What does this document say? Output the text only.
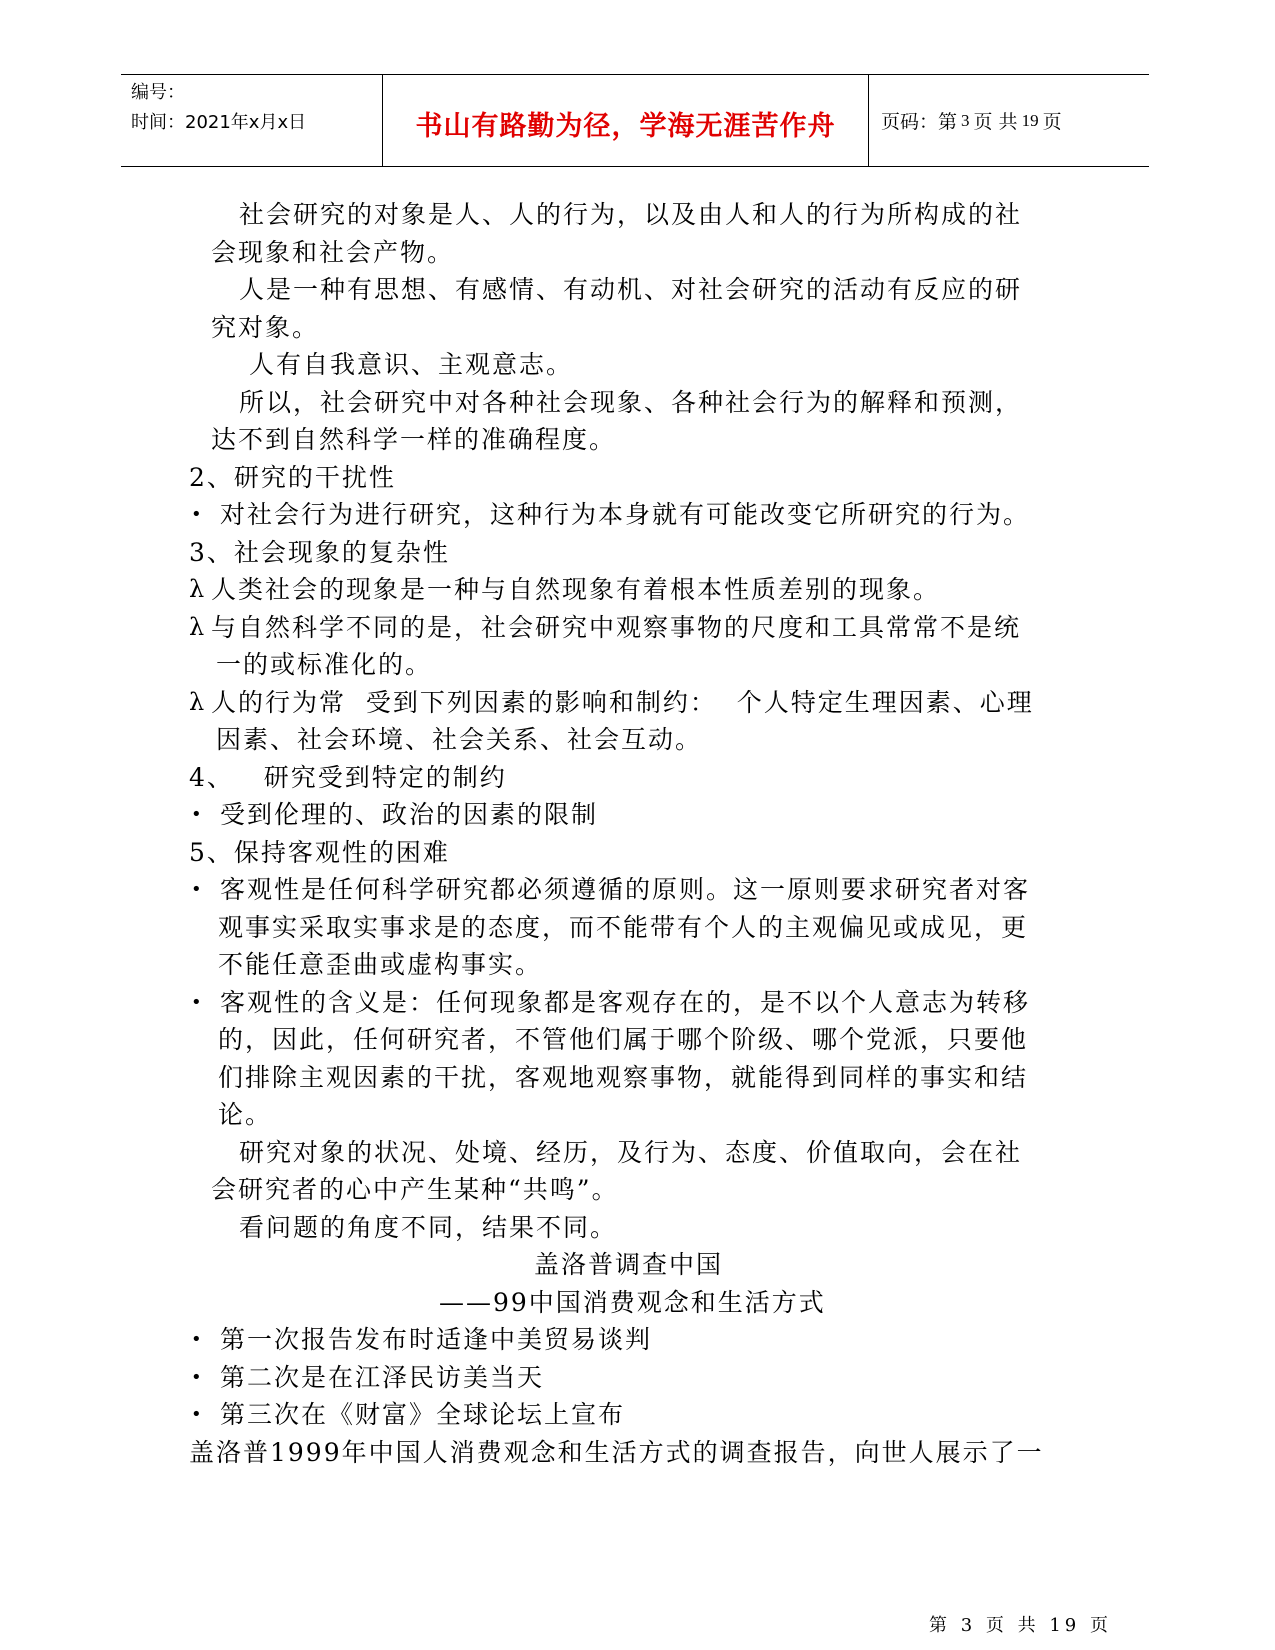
编号：
时间：2021年x月x日	书山有路勤为径，学海无涯苦作舟	页码：第 3 页 共 19 页

社会研究的对象是人、人的行为，以及由人和人的行为所构成的社

会现象和社会产物。

人是一种有思想、有感情、有动机、对社会研究的活动有反应的研

究对象。

人有自我意识、主观意志。

所以，社会研究中对各种社会现象、各种社会行为的解释和预测，

达不到自然科学一样的准确程度。

2、研究的干扰性

• 对社会行为进行研究，这种行为本身就有可能改变它所研究的行为。

3、社会现象的复杂性

λ 人类社会的现象是一种与自然现象有着根本性质差别的现象。
λ 与自然科学不同的是，社会研究中观察事物的尺度和工具常常不是统

一的或标准化的。

λ 人的行为常  受到下列因素的影响和制约：  个人特定生理因素、心理

因素、社会环境、社会关系、社会互动。

4、   研究受到特定的制约

• 受到伦理的、政治的因素的限制

5、保持客观性的困难

• 客观性是任何科学研究都必须遵循的原则。这一原则要求研究者对客

观事实采取实事求是的态度，而不能带有个人的主观偏见或成见，更

不能任意歪曲或虚构事实。

• 客观性的含义是：任何现象都是客观存在的，是不以个人意志为转移

的，因此，任何研究者，不管他们属于哪个阶级、哪个党派，只要他

们排除主观因素的干扰，客观地观察事物，就能得到同样的事实和结

论。

研究对象的状况、处境、经历，及行为、态度、价值取向，会在社

会研究者的心中产生某种“共鸣”。

看问题的角度不同，结果不同。

盖洛普调查中国

——99中国消费观念和生活方式

• 第一次报告发布时适逢中美贸易谈判
• 第二次是在江泽民访美当天
• 第三次在《财富》全球论坛上宣布

盖洛普1999年中国人消费观念和生活方式的调查报告，向世人展示了一

第 3 页 共 19 页
